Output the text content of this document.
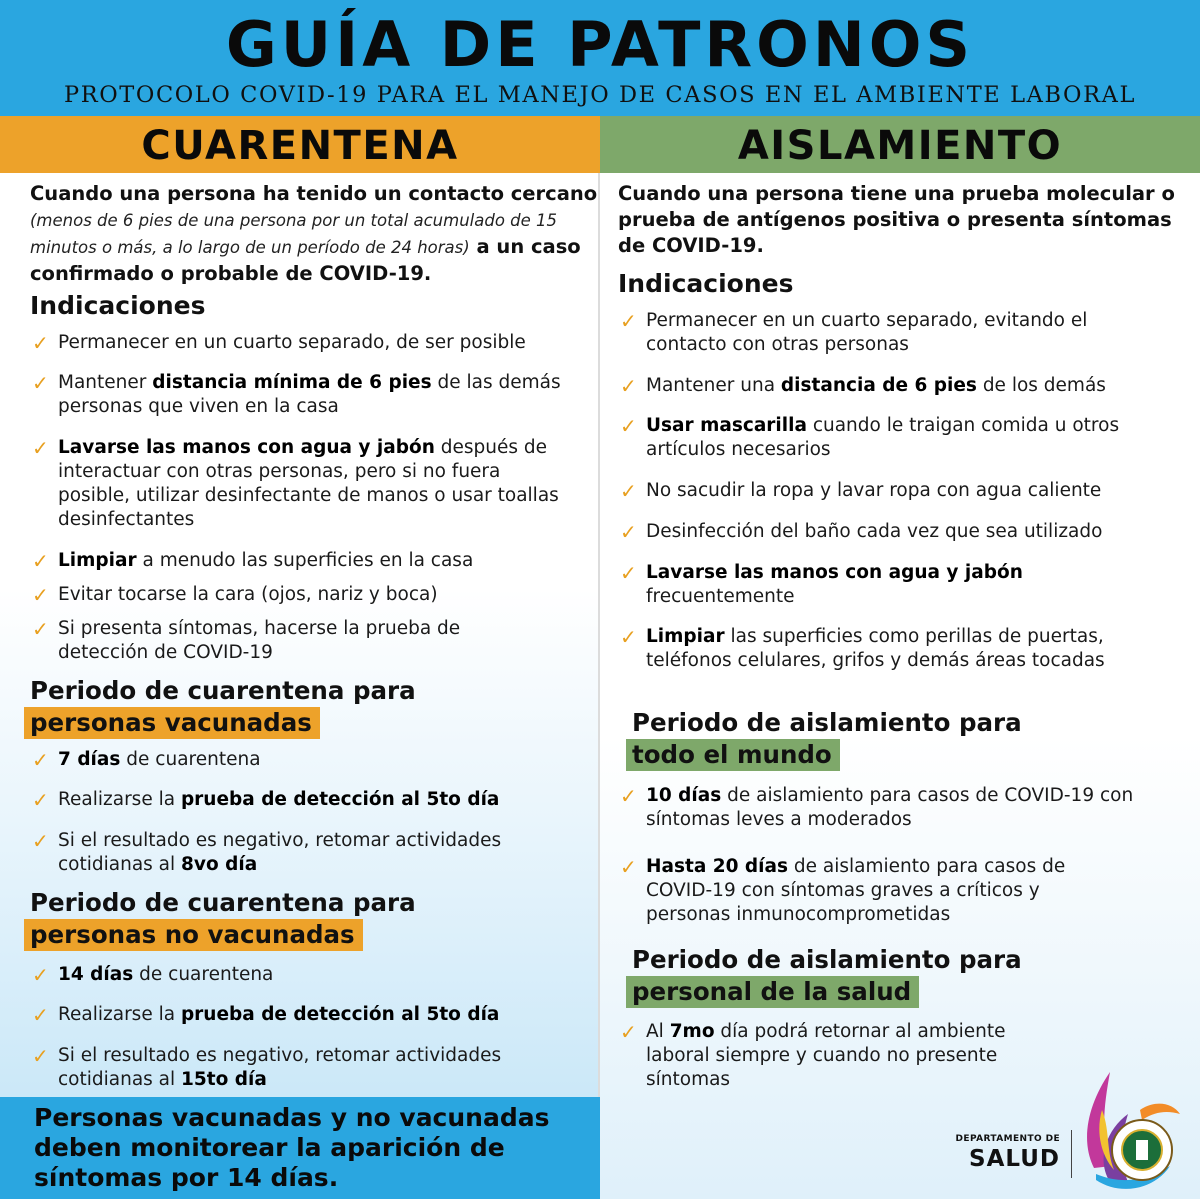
GUÍA DE PATRONOS
PROTOCOLO COVID-19 PARA EL MANEJO DE CASOS EN EL AMBIENTE LABORAL
CUARENTENA	AISLAMIENTO
Cuando una persona ha tenido un contacto cercano (menos de 6 pies de una persona por un total acumulado de 15 minutos o más, a lo largo de un período de 24 horas) a un caso confirmado o probable de COVID-19.
Indicaciones
✓ Permanecer en un cuarto separado, de ser posible
✓ Mantener distancia mínima de 6 pies de las demás personas que viven en la casa
✓ Lavarse las manos con agua y jabón después de interactuar con otras personas, pero si no fuera posible, utilizar desinfectante de manos o usar toallas desinfectantes
✓ Limpiar a menudo las superficies en la casa
✓ Evitar tocarse la cara (ojos, nariz y boca)
✓ Si presenta síntomas, hacerse la prueba de detección de COVID-19
Periodo de cuarentena para
personas vacunadas
✓ 7 días de cuarentena
✓ Realizarse la prueba de detección al 5to día
✓ Si el resultado es negativo, retomar actividades cotidianas al 8vo día
Periodo de cuarentena para
personas no vacunadas
✓ 14 días de cuarentena
✓ Realizarse la prueba de detección al 5to día
✓ Si el resultado es negativo, retomar actividades cotidianas al 15to día
Personas vacunadas y no vacunadas deben monitorear la aparición de síntomas por 14 días.
Cuando una persona tiene una prueba molecular o prueba de antígenos positiva o presenta síntomas de COVID-19.
Indicaciones
✓ Permanecer en un cuarto separado, evitando el contacto con otras personas
✓ Mantener una distancia de 6 pies de los demás
✓ Usar mascarilla cuando le traigan comida u otros artículos necesarios
✓ No sacudir la ropa y lavar ropa con agua caliente
✓ Desinfección del baño cada vez que sea utilizado
✓ Lavarse las manos con agua y jabón frecuentemente
✓ Limpiar las superficies como perillas de puertas, teléfonos celulares, grifos y demás áreas tocadas
Periodo de aislamiento para
todo el mundo
✓ 10 días de aislamiento para casos de COVID-19 con síntomas leves a moderados
✓ Hasta 20 días de aislamiento para casos de COVID-19 con síntomas graves a críticos y personas inmunocomprometidas
Periodo de aislamiento para
personal de la salud
✓ Al 7mo día podrá retornar al ambiente laboral siempre y cuando no presente síntomas
DEPARTAMENTO DE
SALUD
